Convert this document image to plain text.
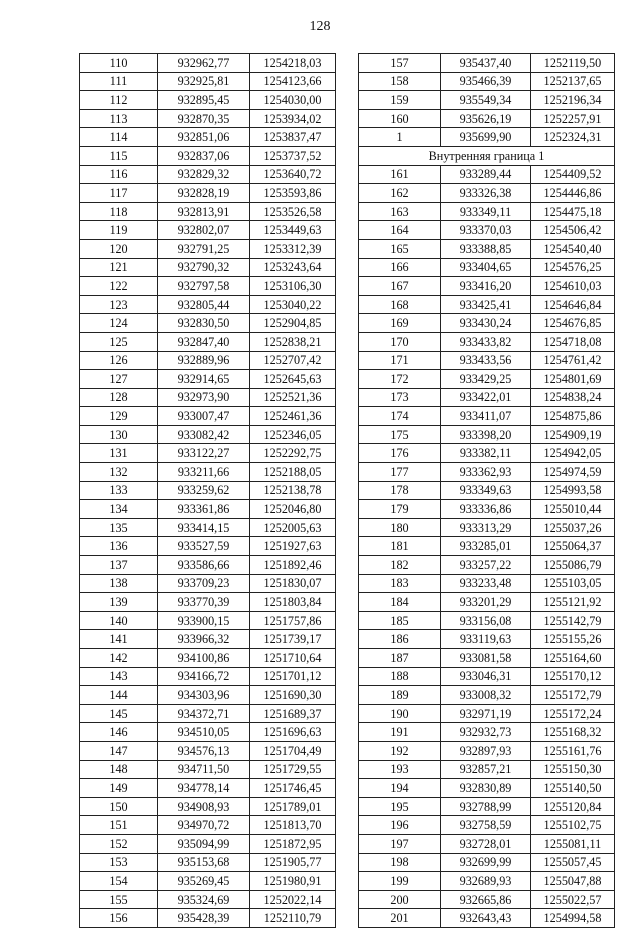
128
110	932962,77	1254218,03
111	932925,81	1254123,66
112	932895,45	1254030,00
113	932870,35	1253934,02
114	932851,06	1253837,47
115	932837,06	1253737,52
116	932829,32	1253640,72
117	932828,19	1253593,86
118	932813,91	1253526,58
119	932802,07	1253449,63
120	932791,25	1253312,39
121	932790,32	1253243,64
122	932797,58	1253106,30
123	932805,44	1253040,22
124	932830,50	1252904,85
125	932847,40	1252838,21
126	932889,96	1252707,42
127	932914,65	1252645,63
128	932973,90	1252521,36
129	933007,47	1252461,36
130	933082,42	1252346,05
131	933122,27	1252292,75
132	933211,66	1252188,05
133	933259,62	1252138,78
134	933361,86	1252046,80
135	933414,15	1252005,63
136	933527,59	1251927,63
137	933586,66	1251892,46
138	933709,23	1251830,07
139	933770,39	1251803,84
140	933900,15	1251757,86
141	933966,32	1251739,17
142	934100,86	1251710,64
143	934166,72	1251701,12
144	934303,96	1251690,30
145	934372,71	1251689,37
146	934510,05	1251696,63
147	934576,13	1251704,49
148	934711,50	1251729,55
149	934778,14	1251746,45
150	934908,93	1251789,01
151	934970,72	1251813,70
152	935094,99	1251872,95
153	935153,68	1251905,77
154	935269,45	1251980,91
155	935324,69	1252022,14
156	935428,39	1252110,79
157	935437,40	1252119,50
158	935466,39	1252137,65
159	935549,34	1252196,34
160	935626,19	1252257,91
1	935699,90	1252324,31
Внутренняя граница 1		
161	933289,44	1254409,52
162	933326,38	1254446,86
163	933349,11	1254475,18
164	933370,03	1254506,42
165	933388,85	1254540,40
166	933404,65	1254576,25
167	933416,20	1254610,03
168	933425,41	1254646,84
169	933430,24	1254676,85
170	933433,82	1254718,08
171	933433,56	1254761,42
172	933429,25	1254801,69
173	933422,01	1254838,24
174	933411,07	1254875,86
175	933398,20	1254909,19
176	933382,11	1254942,05
177	933362,93	1254974,59
178	933349,63	1254993,58
179	933336,86	1255010,44
180	933313,29	1255037,26
181	933285,01	1255064,37
182	933257,22	1255086,79
183	933233,48	1255103,05
184	933201,29	1255121,92
185	933156,08	1255142,79
186	933119,63	1255155,26
187	933081,58	1255164,60
188	933046,31	1255170,12
189	933008,32	1255172,79
190	932971,19	1255172,24
191	932932,73	1255168,32
192	932897,93	1255161,76
193	932857,21	1255150,30
194	932830,89	1255140,50
195	932788,99	1255120,84
196	932758,59	1255102,75
197	932728,01	1255081,11
198	932699,99	1255057,45
199	932689,93	1255047,88
200	932665,86	1255022,57
201	932643,43	1254994,58
